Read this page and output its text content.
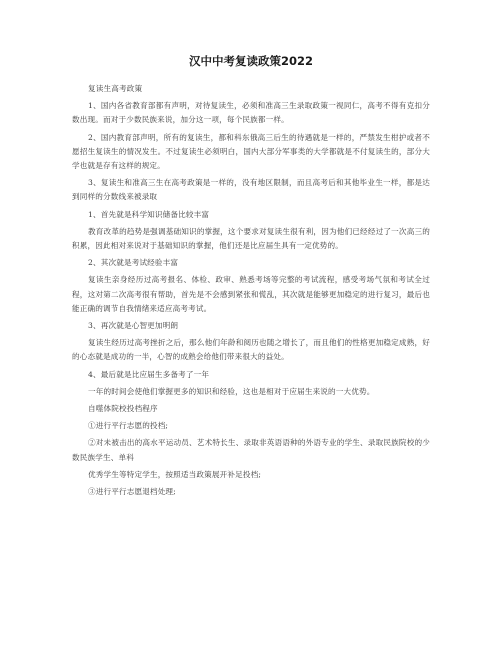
汉中中考复读政策2022

复读生高考政策

1、国内各省教育部都有声明，对待复读生，必须和准高三生录取政策一视同仁，高考不得有克扣分数出现。而对于少数民族来说，加分这一项，每个民族都一样。

2、国内教育部声明，所有的复读生，都和科东俄高三后生的待遇就是一样的，严禁发生柑护或者不愿招生复读生的情况发生。不过复读生必须明白，国内大部分军事类的大学都就是不付复读生的，部分大学也就是存有这样的规定。

3、复读生和准高三生在高考政策是一样的，没有地区限制，而且高考后和其他毕业生一样，都是达到同样的分数线来被录取

1、首先就是科学知识储备比较丰富

教育改革的趋势是强调基础知识的掌握，这个要求对复读生很有利，因为他们已经经过了一次高三的积累，因此相对来说对于基础知识的掌握，他们还是比应届生具有一定优势的。

2、其次就是考试经验丰富

复读生亲身经历过高考报名、体检、政审、熟悉考场等完整的考试流程，感受考场气氛和考试全过程，这对第二次高考很有帮助，首先是不会感到紧张和慌乱，其次就是能够更加稳定的进行复习，最后也能正确的调节自我情绪来适应高考考试。

3、再次就是心智更加明朗

复读生经历过高考挫折之后，那么他们年龄和阅历也随之增长了，而且他们的性格更加稳定成熟，好的心态就是成功的一半，心智的成熟会给他们带来很大的益处。

4、最后就是比应届生多备考了一年

一年的时间会使他们掌握更多的知识和经验，这也是相对于应届生来说的一大优势。

自噬体院校投档程序

①进行平行志愿的投档;

②对未被击出的高水平运动员、艺术特长生、录取非英语语种的外语专业的学生、录取民族院校的少数民族学生、单科

优秀学生等特定学生，按照适当政策展开补足投档;

③进行平行志愿退档处理;
